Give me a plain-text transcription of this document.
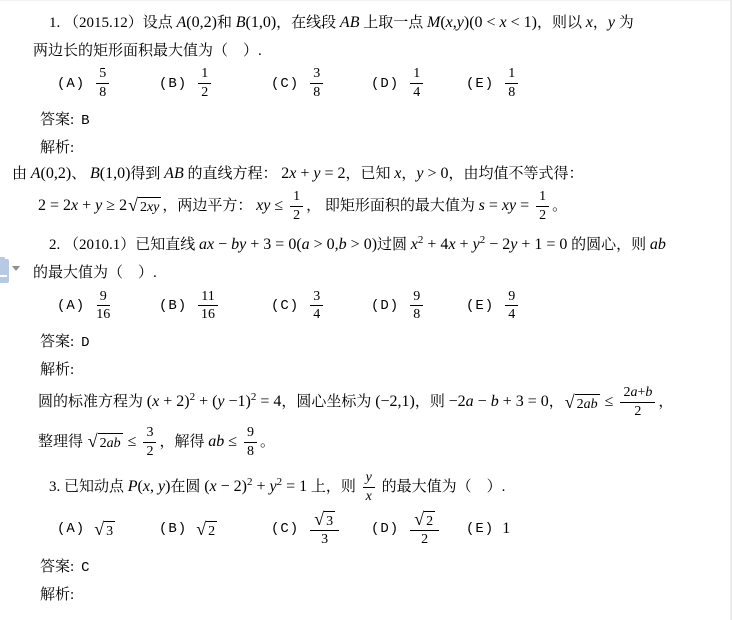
1. （2015.12）设点 A(0,2)和 B(1,0)，在线段 AB 上取一点 M(x,y)(0 < x < 1)，则以 x，y 为
两边长的矩形面积最大值为（　）.
$(A) \frac{5}{8}$	$(B) \frac{1}{2}$	$(C) \frac{3}{8}$	$(D) \frac{1}{4}$	$(E) \frac{1}{8}$
答案: B
解析:
由 A(0,2)、 B(1,0)得到 AB 的直线方程： 2x + y = 2，已知 x，y > 0，由均值不等式得：
2 = 2x + y ≥ 2 √ 2xy ，两边平方： xy ≤ $\frac{1}{2}$ ， 即矩形面积的最大值为 s = xy = $\frac{1}{2}$ 。
2. （2010.1）已知直线 ax − by + 3 = 0(a > 0,b > 0)过圆 $x^2 + 4x + y^2 - 2y + 1 = 0$ 的圆心，则 ab
的最大值为（　）.
$(A) \frac{9}{16}$	$(B) \frac{11}{16}$	$(C) \frac{3}{4}$	$(D) \frac{9}{8}$	$(E) \frac{9}{4}$
答案: D
解析:
圆的标准方程为 $(x + 2)^2 + (y -1)^2 = 4$，圆心坐标为 (−2,1)，则 −2a − b + 3 = 0， √ $2ab \le \frac{2 a + b}{2}$ ，
整理得 √ $2ab \le \frac{3}{2}$ ，解得 ab ≤ $\frac{9}{8}$ 。
3. 已知动点 P(x, y)在圆 $(x - 2)^2 + y^2 = 1$ 上，则 $\frac{y}{x}$ 的最大值为（　）.
(A) √ 3	(B) √ 2	$(C) \frac{√ 3}{3} (D) \frac{√ 2}{2} (E)$ 1
答案: C
解析:
